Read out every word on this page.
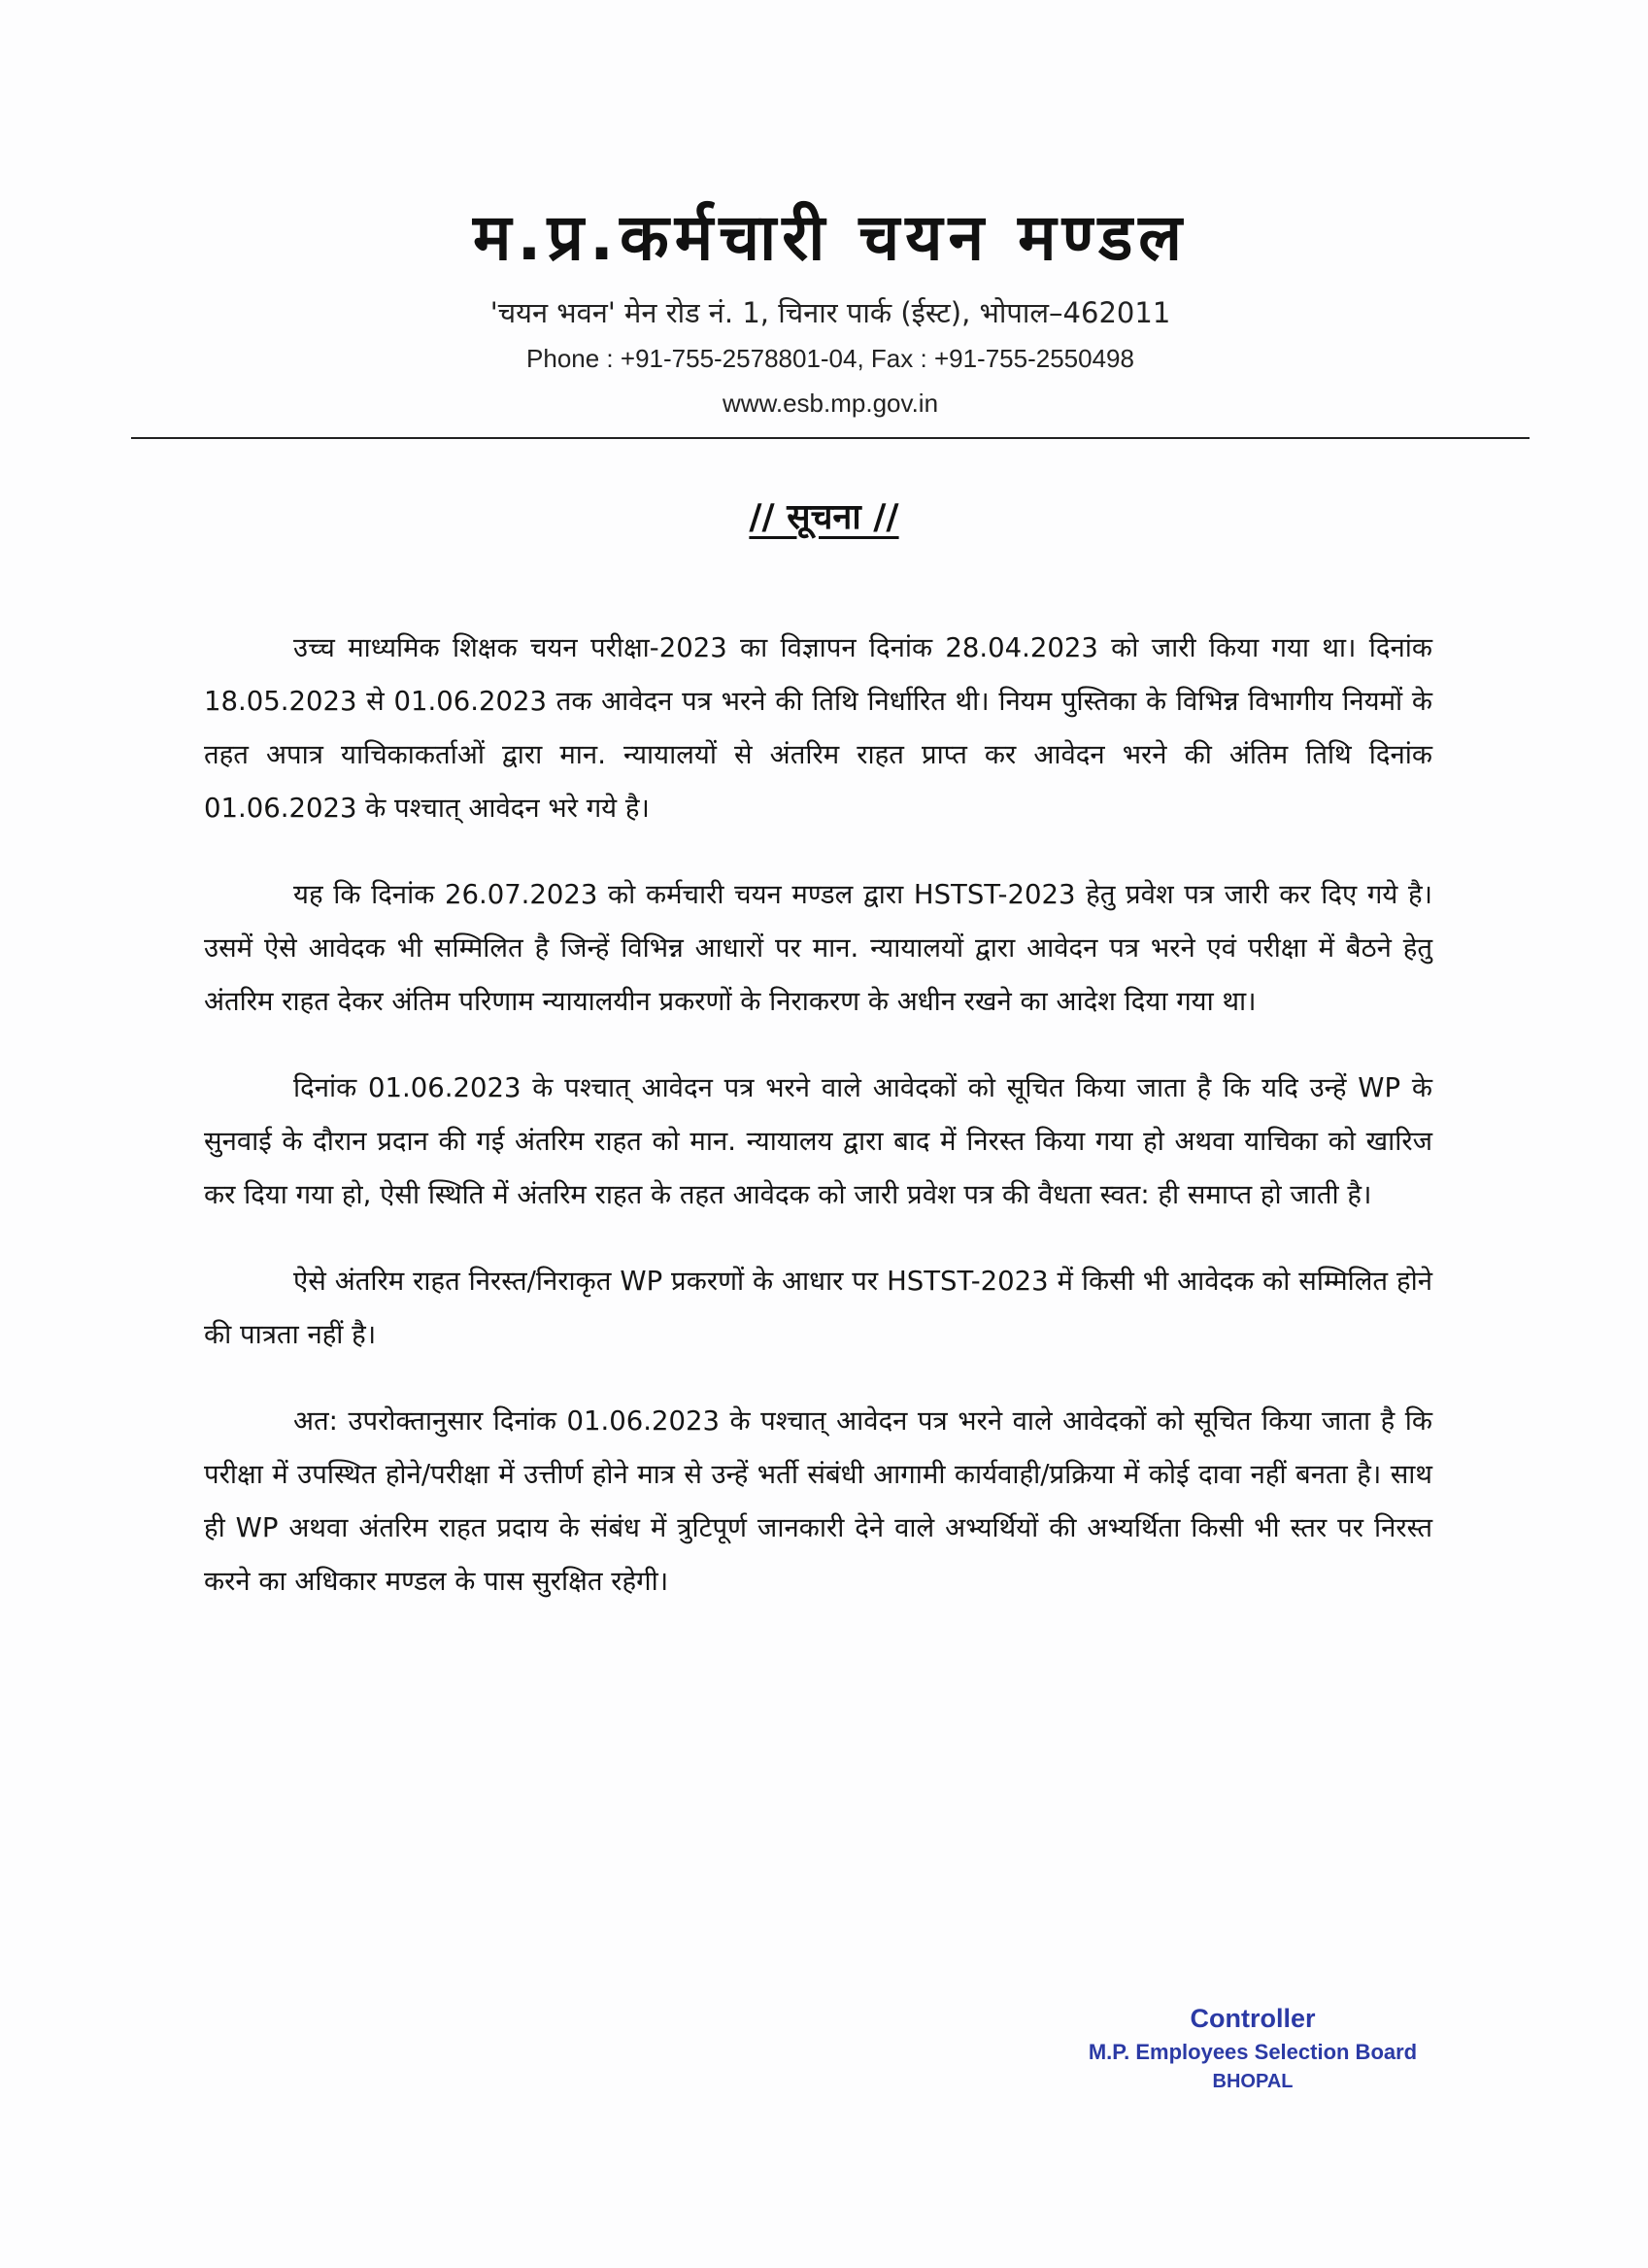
म.प्र.कर्मचारी चयन मण्डल
'चयन भवन' मेन रोड नं. 1, चिनार पार्क (ईस्ट), भोपाल–462011
Phone : +91-755-2578801-04, Fax : +91-755-2550498
www.esb.mp.gov.in
// सूचना //

उच्च माध्यमिक शिक्षक चयन परीक्षा-2023 का विज्ञापन दिनांक 28.04.2023 को जारी किया गया था। दिनांक 18.05.2023 से 01.06.2023 तक आवेदन पत्र भरने की तिथि निर्धारित थी। नियम पुस्तिका के विभिन्न विभागीय नियमों के तहत अपात्र याचिकाकर्ताओं द्वारा मान. न्यायालयों से अंतरिम राहत प्राप्त कर आवेदन भरने की अंतिम तिथि दिनांक 01.06.2023 के पश्चात् आवेदन भरे गये है।

यह कि दिनांक 26.07.2023 को कर्मचारी चयन मण्डल द्वारा HSTST-2023 हेतु प्रवेश पत्र जारी कर दिए गये है। उसमें ऐसे आवेदक भी सम्मिलित है जिन्हें विभिन्न आधारों पर मान. न्यायालयों द्वारा आवेदन पत्र भरने एवं परीक्षा में बैठने हेतु अंतरिम राहत देकर अंतिम परिणाम न्यायालयीन प्रकरणों के निराकरण के अधीन रखने का आदेश दिया गया था।

दिनांक 01.06.2023 के पश्चात् आवेदन पत्र भरने वाले आवेदकों को सूचित किया जाता है कि यदि उन्हें WP के सुनवाई के दौरान प्रदान की गई अंतरिम राहत को मान. न्यायालय द्वारा बाद में निरस्त किया गया हो अथवा याचिका को खारिज कर दिया गया हो, ऐसी स्थिति में अंतरिम राहत के तहत आवेदक को जारी प्रवेश पत्र की वैधता स्वत: ही समाप्त हो जाती है।

ऐसे अंतरिम राहत निरस्त/निराकृत WP प्रकरणों के आधार पर HSTST-2023 में किसी भी आवेदक को सम्मिलित होने की पात्रता नहीं है।

अत: उपरोक्तानुसार दिनांक 01.06.2023 के पश्चात् आवेदन पत्र भरने वाले आवेदकों को सूचित किया जाता है कि परीक्षा में उपस्थित होने/परीक्षा में उत्तीर्ण होने मात्र से उन्हें भर्ती संबंधी आगामी कार्यवाही/प्रक्रिया में कोई दावा नहीं बनता है। साथ ही WP अथवा अंतरिम राहत प्रदाय के संबंध में त्रुटिपूर्ण जानकारी देने वाले अभ्यर्थियों की अभ्यर्थिता किसी भी स्तर पर निरस्त करने का अधिकार मण्डल के पास सुरक्षित रहेगी।

Controller
M.P. Employees Selection Board
BHOPAL
